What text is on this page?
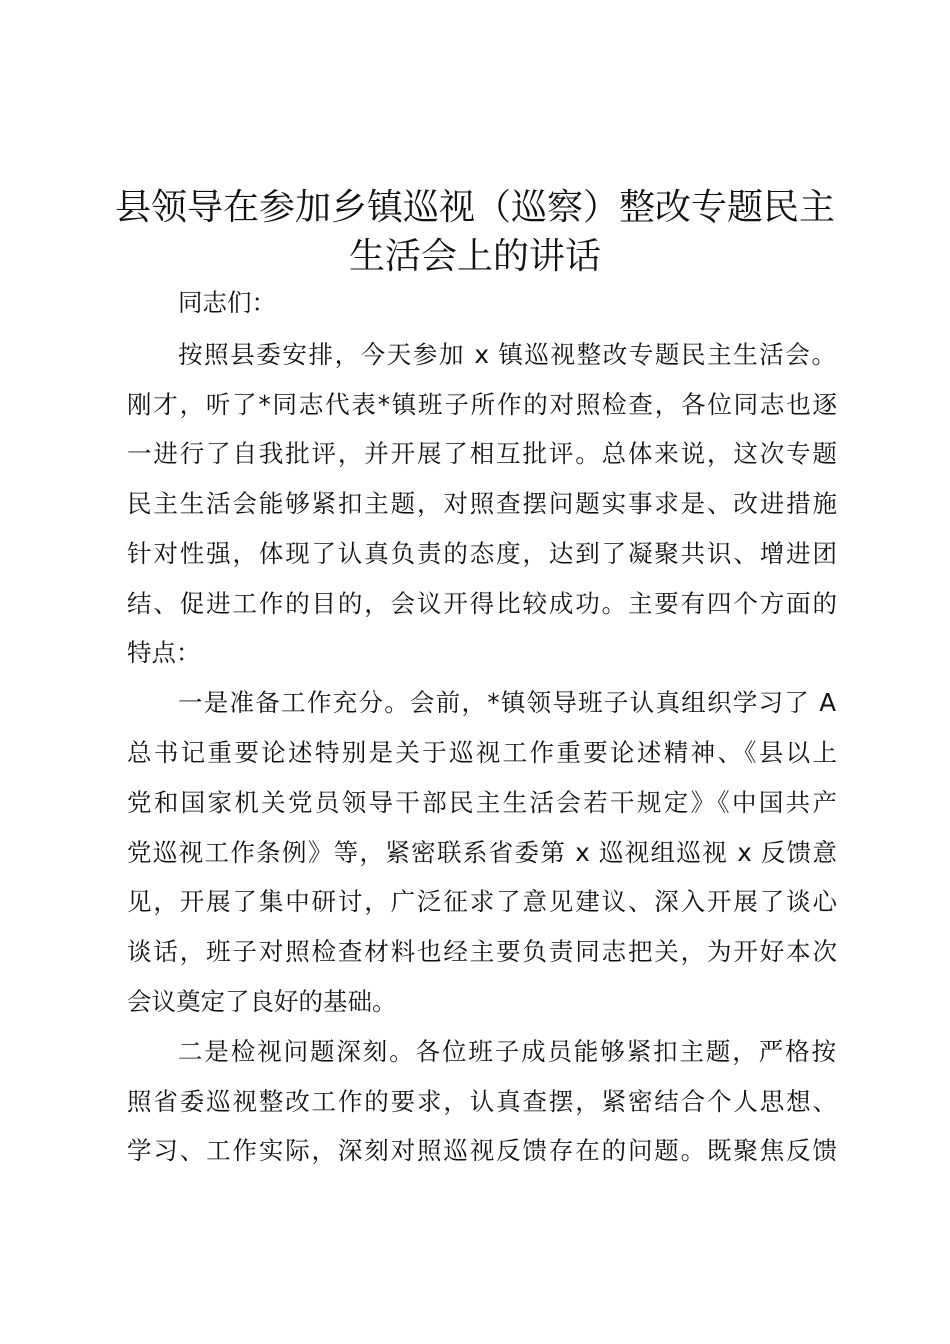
县领导在参加乡镇巡视（巡察）整改专题民主
生活会上的讲话

同志们：

按照县委安排，今天参加 x 镇巡视整改专题民主生活会。

刚才，听了*同志代表*镇班子所作的对照检查，各位同志也逐

一进行了自我批评，并开展了相互批评。总体来说，这次专题

民主生活会能够紧扣主题，对照查摆问题实事求是、改进措施

针对性强，体现了认真负责的态度，达到了凝聚共识、增进团

结、促进工作的目的，会议开得比较成功。主要有四个方面的

特点：

一是准备工作充分。会前，*镇领导班子认真组织学习了 A

总书记重要论述特别是关于巡视工作重要论述精神、《县以上

党和国家机关党员领导干部民主生活会若干规定》《中国共产

党巡视工作条例》等，紧密联系省委第 x 巡视组巡视 x 反馈意

见，开展了集中研讨，广泛征求了意见建议、深入开展了谈心

谈话，班子对照检查材料也经主要负责同志把关，为开好本次

会议奠定了良好的基础。

二是检视问题深刻。各位班子成员能够紧扣主题，严格按

照省委巡视整改工作的要求，认真查摆，紧密结合个人思想、

学习、工作实际，深刻对照巡视反馈存在的问题。既聚焦反馈
